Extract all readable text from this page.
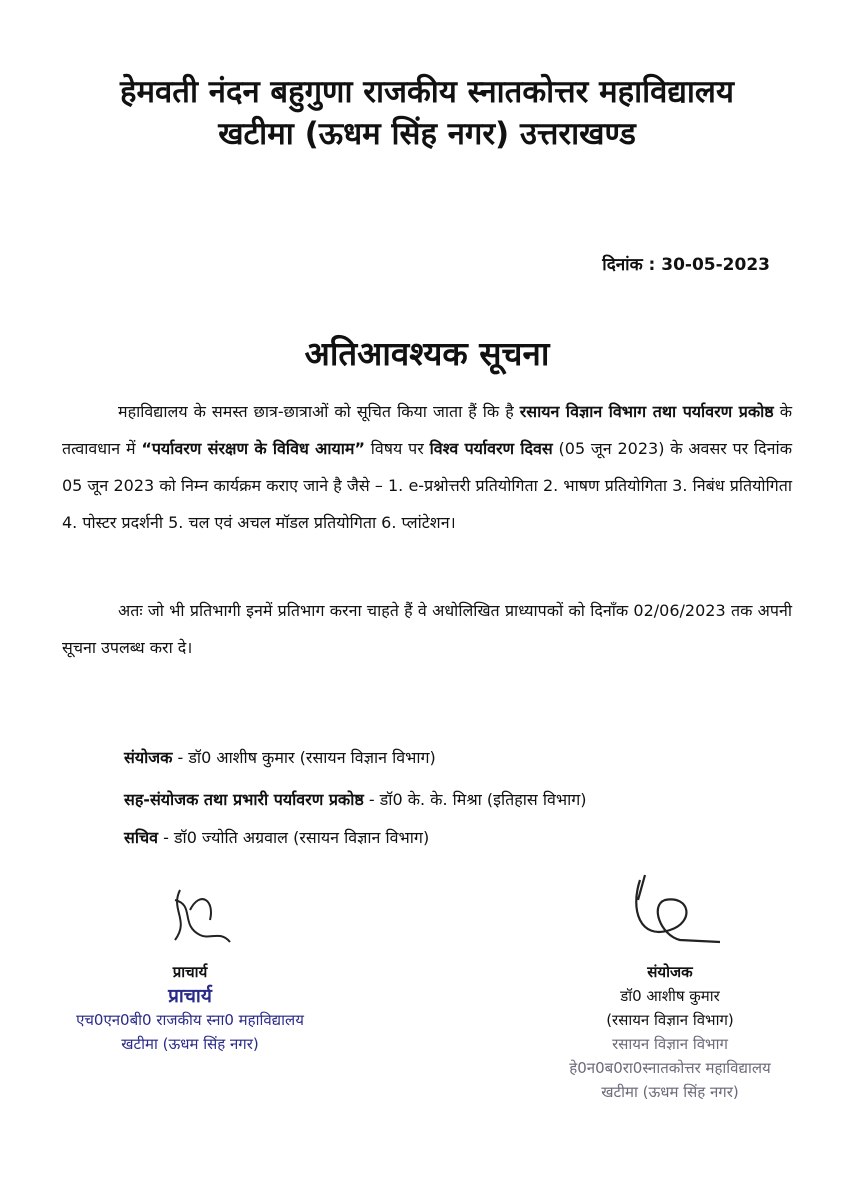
हेमवती नंदन बहुगुणा राजकीय स्नातकोत्तर महाविद्यालय
खटीमा (ऊधम सिंह नगर) उत्तराखण्ड
दिनांक : 30-05-2023
अतिआवश्यक सूचना

महाविद्यालय के समस्त छात्र-छात्राओं को सूचित किया जाता हैं कि है रसायन विज्ञान विभाग तथा पर्यावरण प्रकोष्ठ के तत्वावधान में “पर्यावरण संरक्षण के विविध आयाम” विषय पर विश्व पर्यावरण दिवस (05 जून 2023) के अवसर पर दिनांक 05 जून 2023 को निम्न कार्यक्रम कराए जाने है जैसे – 1. e-प्रश्नोत्तरी प्रतियोगिता 2. भाषण प्रतियोगिता 3. निबंध प्रतियोगिता 4. पोस्टर प्रदर्शनी 5. चल एवं अचल मॉडल प्रतियोगिता 6. प्लांटेशन।

अतः जो भी प्रतिभागी इनमें प्रतिभाग करना चाहते हैं वे अधोलिखित प्राध्यापकों को दिनाँक 02/06/2023 तक अपनी सूचना उपलब्ध करा दे।

संयोजक - डॉ0 आशीष कुमार (रसायन विज्ञान विभाग)
सह-संयोजक तथा प्रभारी पर्यावरण प्रकोष्ठ - डॉ0 के. के. मिश्रा (इतिहास विभाग)
सचिव - डॉ0 ज्योति अग्रवाल (रसायन विज्ञान विभाग)
प्राचार्य
प्राचार्य
एच0एन0बी0 राजकीय स्ना0 महाविद्यालय
खटीमा (ऊधम सिंह नगर)
संयोजक
डॉ0 आशीष कुमार
(रसायन विज्ञान विभाग)
रसायन विज्ञान विभाग
हे0न0ब0रा0स्नातकोत्तर महाविद्यालय
खटीमा (ऊधम सिंह नगर)
